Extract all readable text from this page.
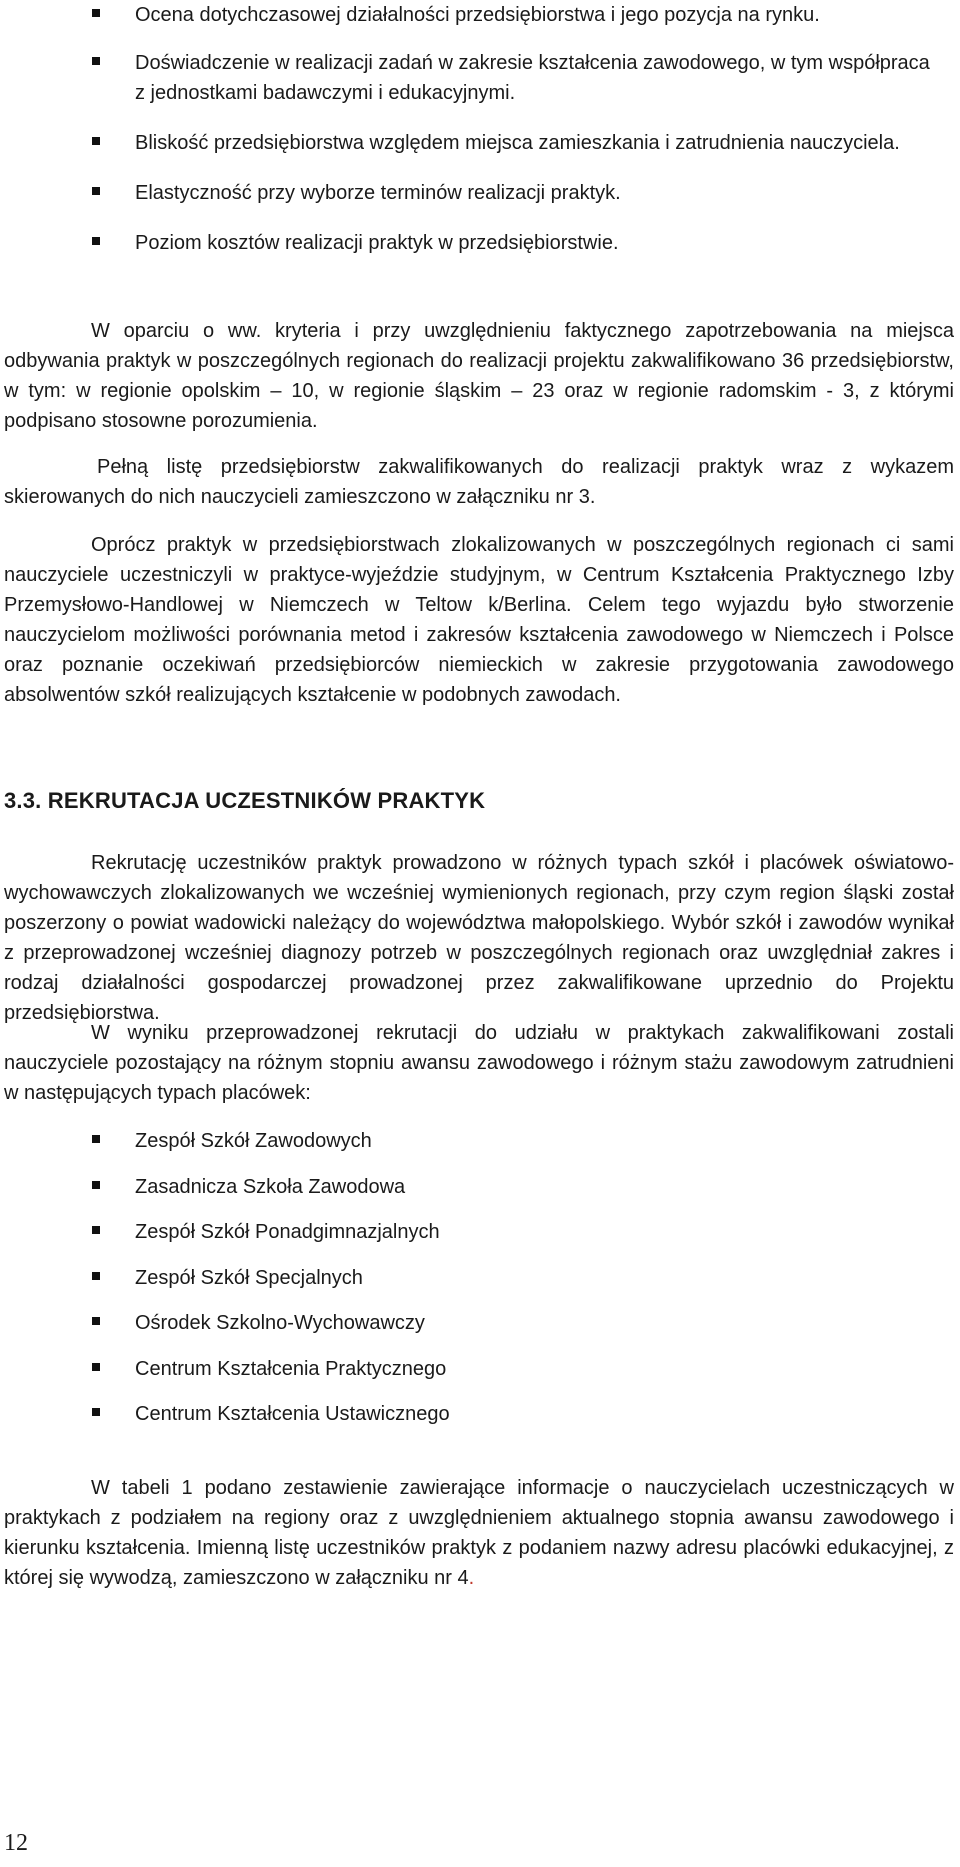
Ocena dotychczasowej działalności przedsiębiorstwa i jego pozycja na rynku.
Doświadczenie w realizacji zadań w zakresie kształcenia zawodowego, w tym współpraca z jednostkami badawczymi i edukacyjnymi.
Bliskość przedsiębiorstwa względem miejsca zamieszkania i zatrudnienia nauczyciela.
Elastyczność przy wyborze terminów realizacji praktyk.
Poziom kosztów realizacji praktyk w przedsiębiorstwie.

W oparciu o ww. kryteria i przy uwzględnieniu faktycznego zapotrzebowania na miejsca odbywania praktyk w poszczególnych regionach do realizacji projektu zakwalifikowano 36 przedsiębiorstw, w tym: w regionie opolskim – 10, w regionie śląskim – 23 oraz w regionie radomskim - 3, z którymi podpisano stosowne porozumienia.

Pełną listę przedsiębiorstw zakwalifikowanych do realizacji praktyk wraz z wykazem skierowanych do nich nauczycieli zamieszczono w załączniku nr 3.

Oprócz praktyk w przedsiębiorstwach zlokalizowanych w poszczególnych regionach ci sami nauczyciele uczestniczyli w praktyce-wyjeździe studyjnym, w Centrum Kształcenia Praktycznego Izby Przemysłowo-Handlowej w Niemczech w Teltow k/Berlina. Celem tego wyjazdu było stworzenie nauczycielom możliwości porównania metod i zakresów kształcenia zawodowego w Niemczech i Polsce oraz poznanie oczekiwań przedsiębiorców niemieckich w zakresie przygotowania zawodowego absolwentów szkół realizujących kształcenie w podobnych zawodach.

3.3. REKRUTACJA UCZESTNIKÓW PRAKTYK

Rekrutację uczestników praktyk prowadzono w różnych typach szkół i placówek oświatowo-wychowawczych zlokalizowanych we wcześniej wymienionych regionach, przy czym region śląski został poszerzony o powiat wadowicki należący do województwa małopolskiego. Wybór szkół i zawodów wynikał z przeprowadzonej wcześniej diagnozy potrzeb w poszczególnych regionach oraz uwzględniał zakres i rodzaj działalności gospodarczej prowadzonej przez zakwalifikowane uprzednio do Projektu przedsiębiorstwa.

W wyniku przeprowadzonej rekrutacji do udziału w praktykach zakwalifikowani zostali nauczyciele pozostający na różnym stopniu awansu zawodowego i różnym stażu zawodowym zatrudnieni w następujących typach placówek:

Zespół Szkół Zawodowych
Zasadnicza Szkoła Zawodowa
Zespół Szkół Ponadgimnazjalnych
Zespół Szkół Specjalnych
Ośrodek Szkolno-Wychowawczy
Centrum Kształcenia Praktycznego
Centrum Kształcenia Ustawicznego

W tabeli 1 podano zestawienie zawierające informacje o nauczycielach uczestniczących w praktykach z podziałem na regiony oraz z uwzględnieniem aktualnego stopnia awansu zawodowego i kierunku kształcenia. Imienną listę uczestników praktyk z podaniem nazwy adresu placówki edukacyjnej, z której się wywodzą, zamieszczono w załączniku nr 4.

12
